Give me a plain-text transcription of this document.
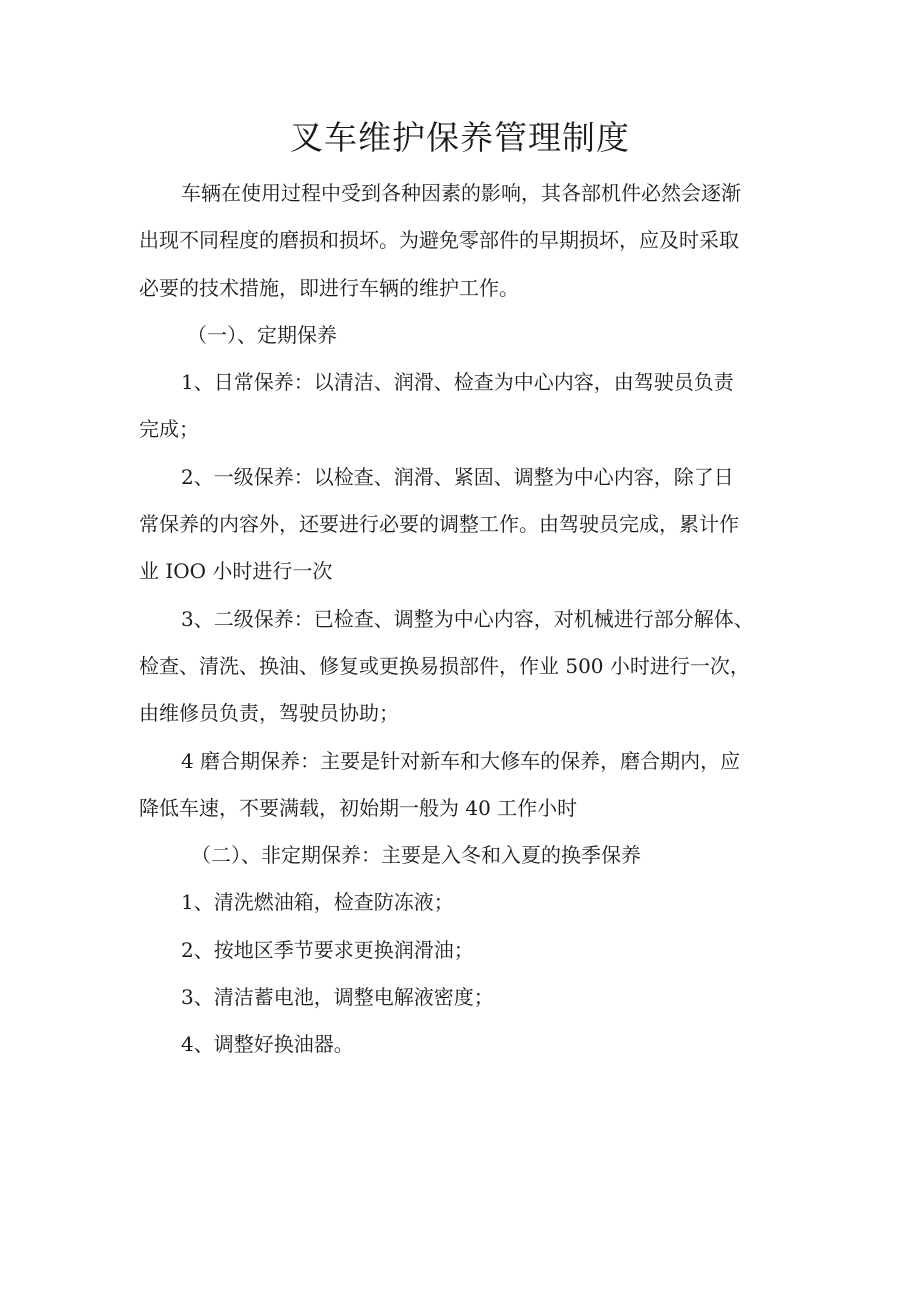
叉车维护保养管理制度

车辆在使用过程中受到各种因素的影响，其各部机件必然会逐渐

出现不同程度的磨损和损坏。为避免零部件的早期损坏，应及时采取

必要的技术措施，即进行车辆的维护工作。

（一）、定期保养

1、日常保养：以清洁、润滑、检查为中心内容，由驾驶员负责

完成；

2、一级保养：以检查、润滑、紧固、调整为中心内容，除了日

常保养的内容外，还要进行必要的调整工作。由驾驶员完成，累计作

业 IOO 小时进行一次

3、二级保养：已检查、调整为中心内容，对机械进行部分解体、

检查、清洗、换油、修复或更换易损部件，作业 500 小时进行一次，

由维修员负责，驾驶员协助；

4 磨合期保养：主要是针对新车和大修车的保养，磨合期内，应

降低车速，不要满载，初始期一般为 40 工作小时

（二）、非定期保养：主要是入冬和入夏的换季保养

1、清洗燃油箱，检查防冻液；

2、按地区季节要求更换润滑油；

3、清洁蓄电池，调整电解液密度；

4、调整好换油器。
